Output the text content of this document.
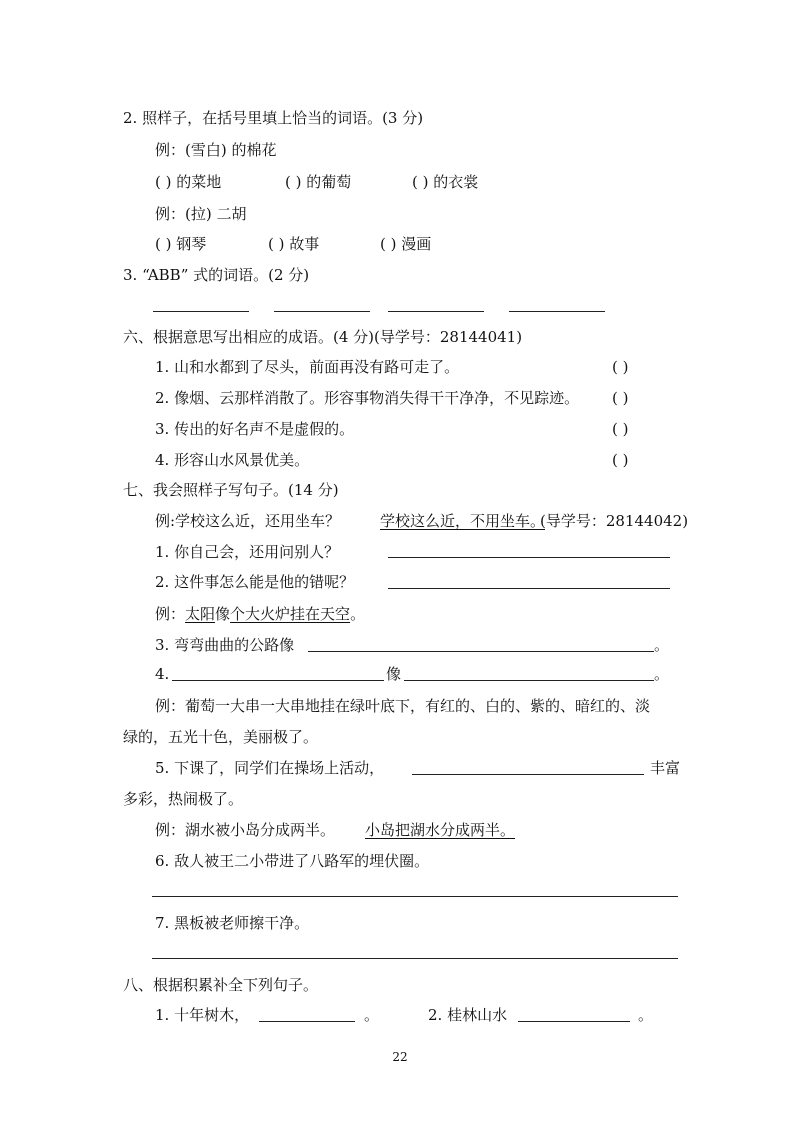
2. 照样子，在括号里填上恰当的词语。(3 分)
例：(雪白) 的棉花
( ) 的菜地	( ) 的葡萄	( ) 的衣裳
例：(拉) 二胡
( ) 钢琴	( ) 故事	( ) 漫画
3. “ABB” 式的词语。(2 分)
六、根据意思写出相应的成语。(4 分)(导学号：28144041)
1. 山和水都到了尽头，前面再没有路可走了。	( )
2. 像烟、云那样消散了。形容事物消失得干干净净，不见踪迹。 ( )
3. 传出的好名声不是虚假的。	( )
4. 形容山水风景优美。	( )
七、我会照样子写句子。(14 分)
例:学校这么近，还用坐车？	学校这么近，不用坐车。
(导学号：28144042)
1. 你自己会，还用问别人？
2. 这件事怎么能是他的错呢？
例：太阳像个大火炉挂在天空。
3. 弯弯曲曲的公路像	。
4.	像	。
例：葡萄一大串一大串地挂在绿叶底下，有红的、白的、紫的、暗红的、淡
绿的，五光十色，美丽极了。
5. 下课了，同学们在操场上活动，	丰富
多彩，热闹极了。
例：湖水被小岛分成两半。 小岛把湖水分成两半。
6. 敌人被王二小带进了八路军的埋伏圈。
7. 黑板被老师擦干净。
八、根据积累补全下列句子。
1. 十年树木，	。	2. 桂林山水	。
22
